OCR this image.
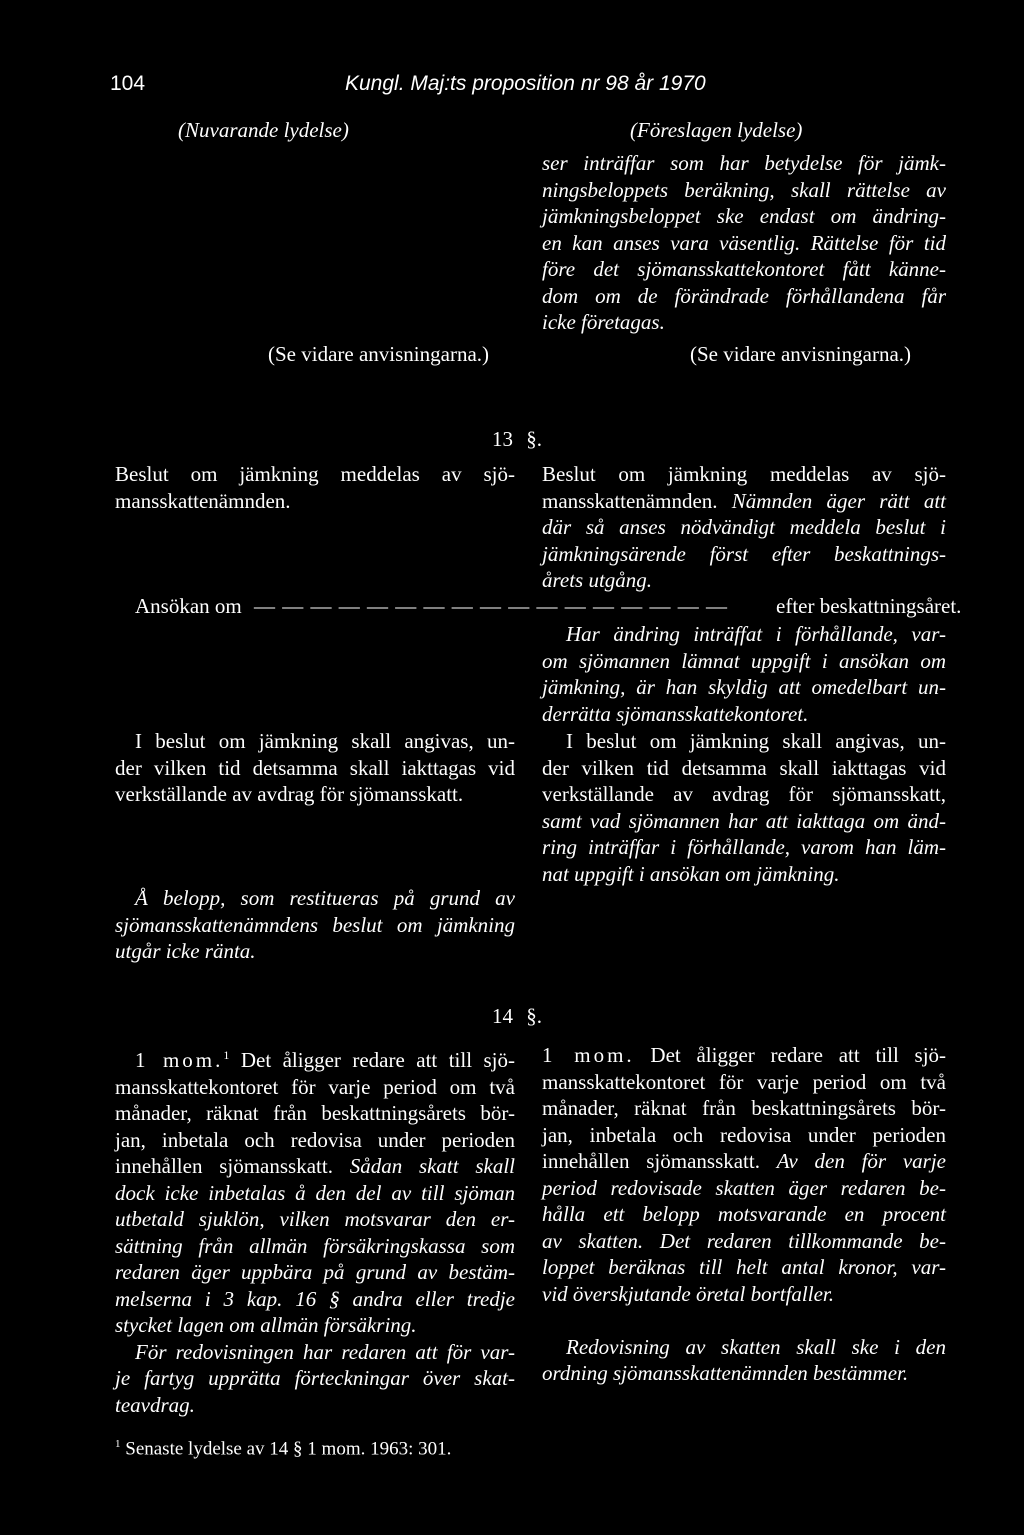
104	Kungl. Maj:ts proposition nr 98 år 1970
(Nuvarande lydelse)	(Föreslagen lydelse)
ser inträffar som har betydelse för jämk-
ningsbeloppets beräkning, skall rättelse av
jämkningsbeloppet ske endast om ändring-
en kan anses vara väsentlig. Rättelse för tid
före det sjömansskattekontoret fått känne-
dom om de förändrade förhållandena får
icke företagas.
(Se vidare anvisningarna.)	(Se vidare anvisningarna.)
13 §.
Beslut om jämkning meddelas av sjö-
mansskattenämnden.
Beslut om jämkning meddelas av sjö-
mansskattenämnden. Nämnden äger rätt att
där så anses nödvändigt meddela beslut i
jämkningsärende först efter beskattnings-
årets utgång.
Ansökan om — — — — — — — — — — — — — — — — — efter beskattningsåret.
Har ändring inträffat i förhållande, var-
om sjömannen lämnat uppgift i ansökan om
jämkning, är han skyldig att omedelbart un-
derrätta sjömansskattekontoret.
I beslut om jämkning skall angivas, un-
der vilken tid detsamma skall iakttagas vid
verkställande av avdrag för sjömansskatt.
I beslut om jämkning skall angivas, un-
der vilken tid detsamma skall iakttagas vid
verkställande av avdrag för sjömansskatt,
samt vad sjömannen har att iakttaga om änd-
ring inträffar i förhållande, varom han läm-
nat uppgift i ansökan om jämkning.
Å belopp, som restitueras på grund av
sjömansskattenämndens beslut om jämkning
utgår icke ränta.
14 §.
1 mom.$^1$ Det åligger redare att till sjö-
mansskattekontoret för varje period om två
månader, räknat från beskattningsårets bör-
jan, inbetala och redovisa under perioden
innehållen sjömansskatt. Sådan skatt skall
dock icke inbetalas å den del av till sjöman
utbetald sjuklön, vilken motsvarar den er-
sättning från allmän försäkringskassa som
redaren äger uppbära på grund av bestäm-
melserna i 3 kap. 16 § andra eller tredje
stycket lagen om allmän försäkring.
För redovisningen har redaren att för var-
je fartyg upprätta förteckningar över skat-
teavdrag.
1 mom. Det åligger redare att till sjö-
mansskattekontoret för varje period om två
månader, räknat från beskattningsårets bör-
jan, inbetala och redovisa under perioden
innehållen sjömansskatt. Av den för varje
period redovisade skatten äger redaren be-
hålla ett belopp motsvarande en procent
av skatten. Det redaren tillkommande be-
loppet beräknas till helt antal kronor, var-
vid överskjutande öretal bortfaller.
Redovisning av skatten skall ske i den
ordning sjömansskattenämnden bestämmer.
$^1$ Senaste lydelse av 14 § 1 mom. 1963: 301.
